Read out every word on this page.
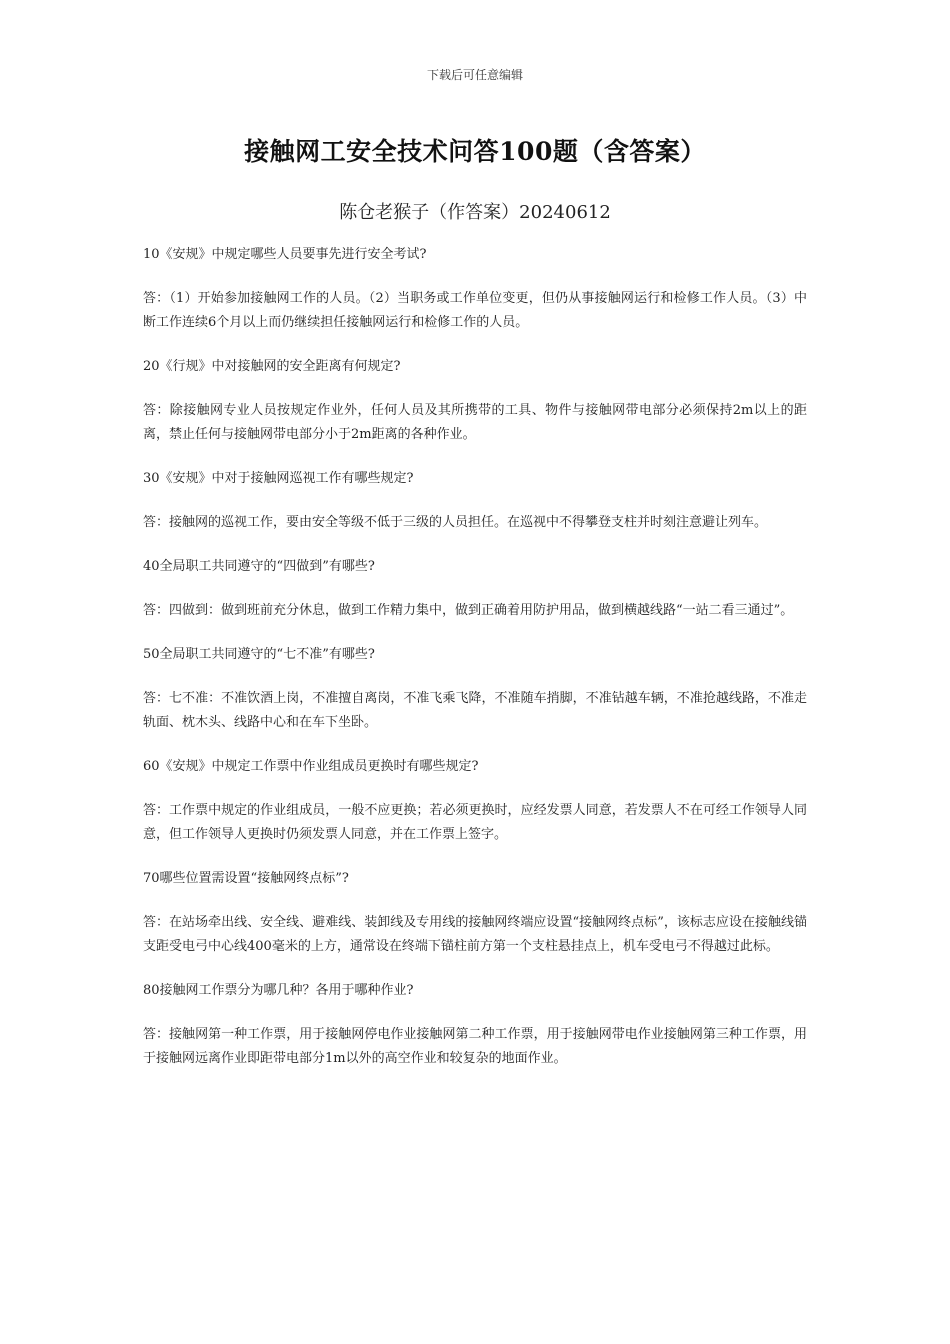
下载后可任意编辑
接触网工安全技术问答100题（含答案）
陈仓老猴子（作答案）20240612

10《安规》中规定哪些人员要事先进行安全考试?

答：（1）开始参加接触网工作的人员。（2）当职务或工作单位变更，但仍从事接触网运行和检修工作人员。（3）中断工作连续6个月以上而仍继续担任接触网运行和检修工作的人员。

20《行规》中对接触网的安全距离有何规定?

答：除接触网专业人员按规定作业外，任何人员及其所携带的工具、物件与接触网带电部分必须保持2m以上的距离，禁止任何与接触网带电部分小于2m距离的各种作业。

30《安规》中对于接触网巡视工作有哪些规定?

答：接触网的巡视工作，要由安全等级不低于三级的人员担任。在巡视中不得攀登支柱并时刻注意避让列车。

40全局职工共同遵守的“四做到”有哪些?

答：四做到：做到班前充分休息，做到工作精力集中，做到正确着用防护用品，做到横越线路“一站二看三通过”。

50全局职工共同遵守的“七不准”有哪些?

答：七不准：不准饮酒上岗，不准擅自离岗，不准飞乘飞降，不准随车捎脚，不准钻越车辆，不准抢越线路，不准走轨面、枕木头、线路中心和在车下坐卧。

60《安规》中规定工作票中作业组成员更换时有哪些规定?

答：工作票中规定的作业组成员，一般不应更换；若必须更换时，应经发票人同意，若发票人不在可经工作领导人同意，但工作领导人更换时仍须发票人同意，并在工作票上签字。

70哪些位置需设置“接触网终点标”?

答：在站场牵出线、安全线、避难线、装卸线及专用线的接触网终端应设置“接触网终点标”，该标志应设在接触线锚支距受电弓中心线400毫米的上方，通常设在终端下锚柱前方第一个支柱悬挂点上，机车受电弓不得越过此标。

80接触网工作票分为哪几种？各用于哪种作业?

答：接触网第一种工作票，用于接触网停电作业接触网第二种工作票，用于接触网带电作业接触网第三种工作票，用于接触网远离作业即距带电部分1m以外的高空作业和较复杂的地面作业。
